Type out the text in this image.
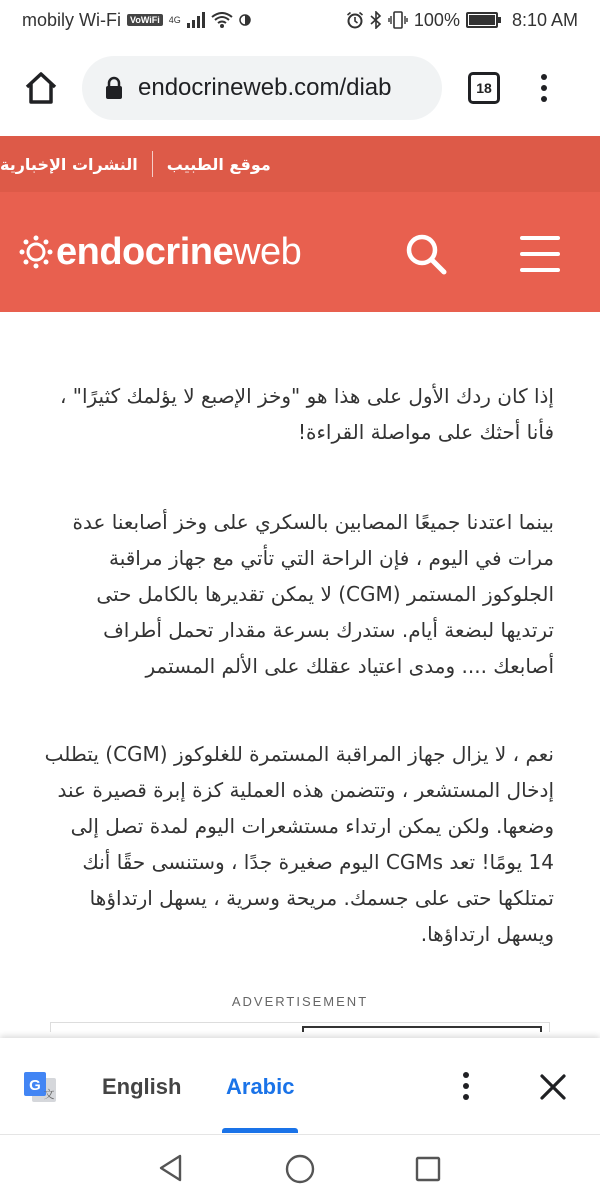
mobily Wi-Fi	VoWiFi	4G	100%	8:10 AM
endocrineweb.com/diab	18
موقع الطبيب
النشرات الإخبارية
endocrineweb

إذا كان ردك الأول على هذا هو "وخز الإصبع لا يؤلمك كثيرًا" ، فأنا أحثك على مواصلة القراءة!

بينما اعتدنا جميعًا المصابين بالسكري على وخز أصابعنا عدة مرات في اليوم ، فإن الراحة التي تأتي مع جهاز مراقبة الجلوكوز المستمر (CGM) لا يمكن تقديرها بالكامل حتى ترتديها لبضعة أيام. ستدرك بسرعة مقدار تحمل أطراف أصابعك .... ومدى اعتياد عقلك على الألم المستمر

نعم ، لا يزال جهاز المراقبة المستمرة للغلوكوز (CGM) يتطلب إدخال المستشعر ، وتتضمن هذه العملية كزة إبرة قصيرة عند وضعها. ولكن يمكن ارتداء مستشعرات اليوم لمدة تصل إلى 14 يومًا! تعد CGMs اليوم صغيرة جدًا ، وستنسى حقًا أنك تمتلكها حتى على جسمك. مريحة وسرية ، يسهل ارتداؤها ويسهل ارتداؤها.

ADVERTISEMENT
G
文 English Arabic
